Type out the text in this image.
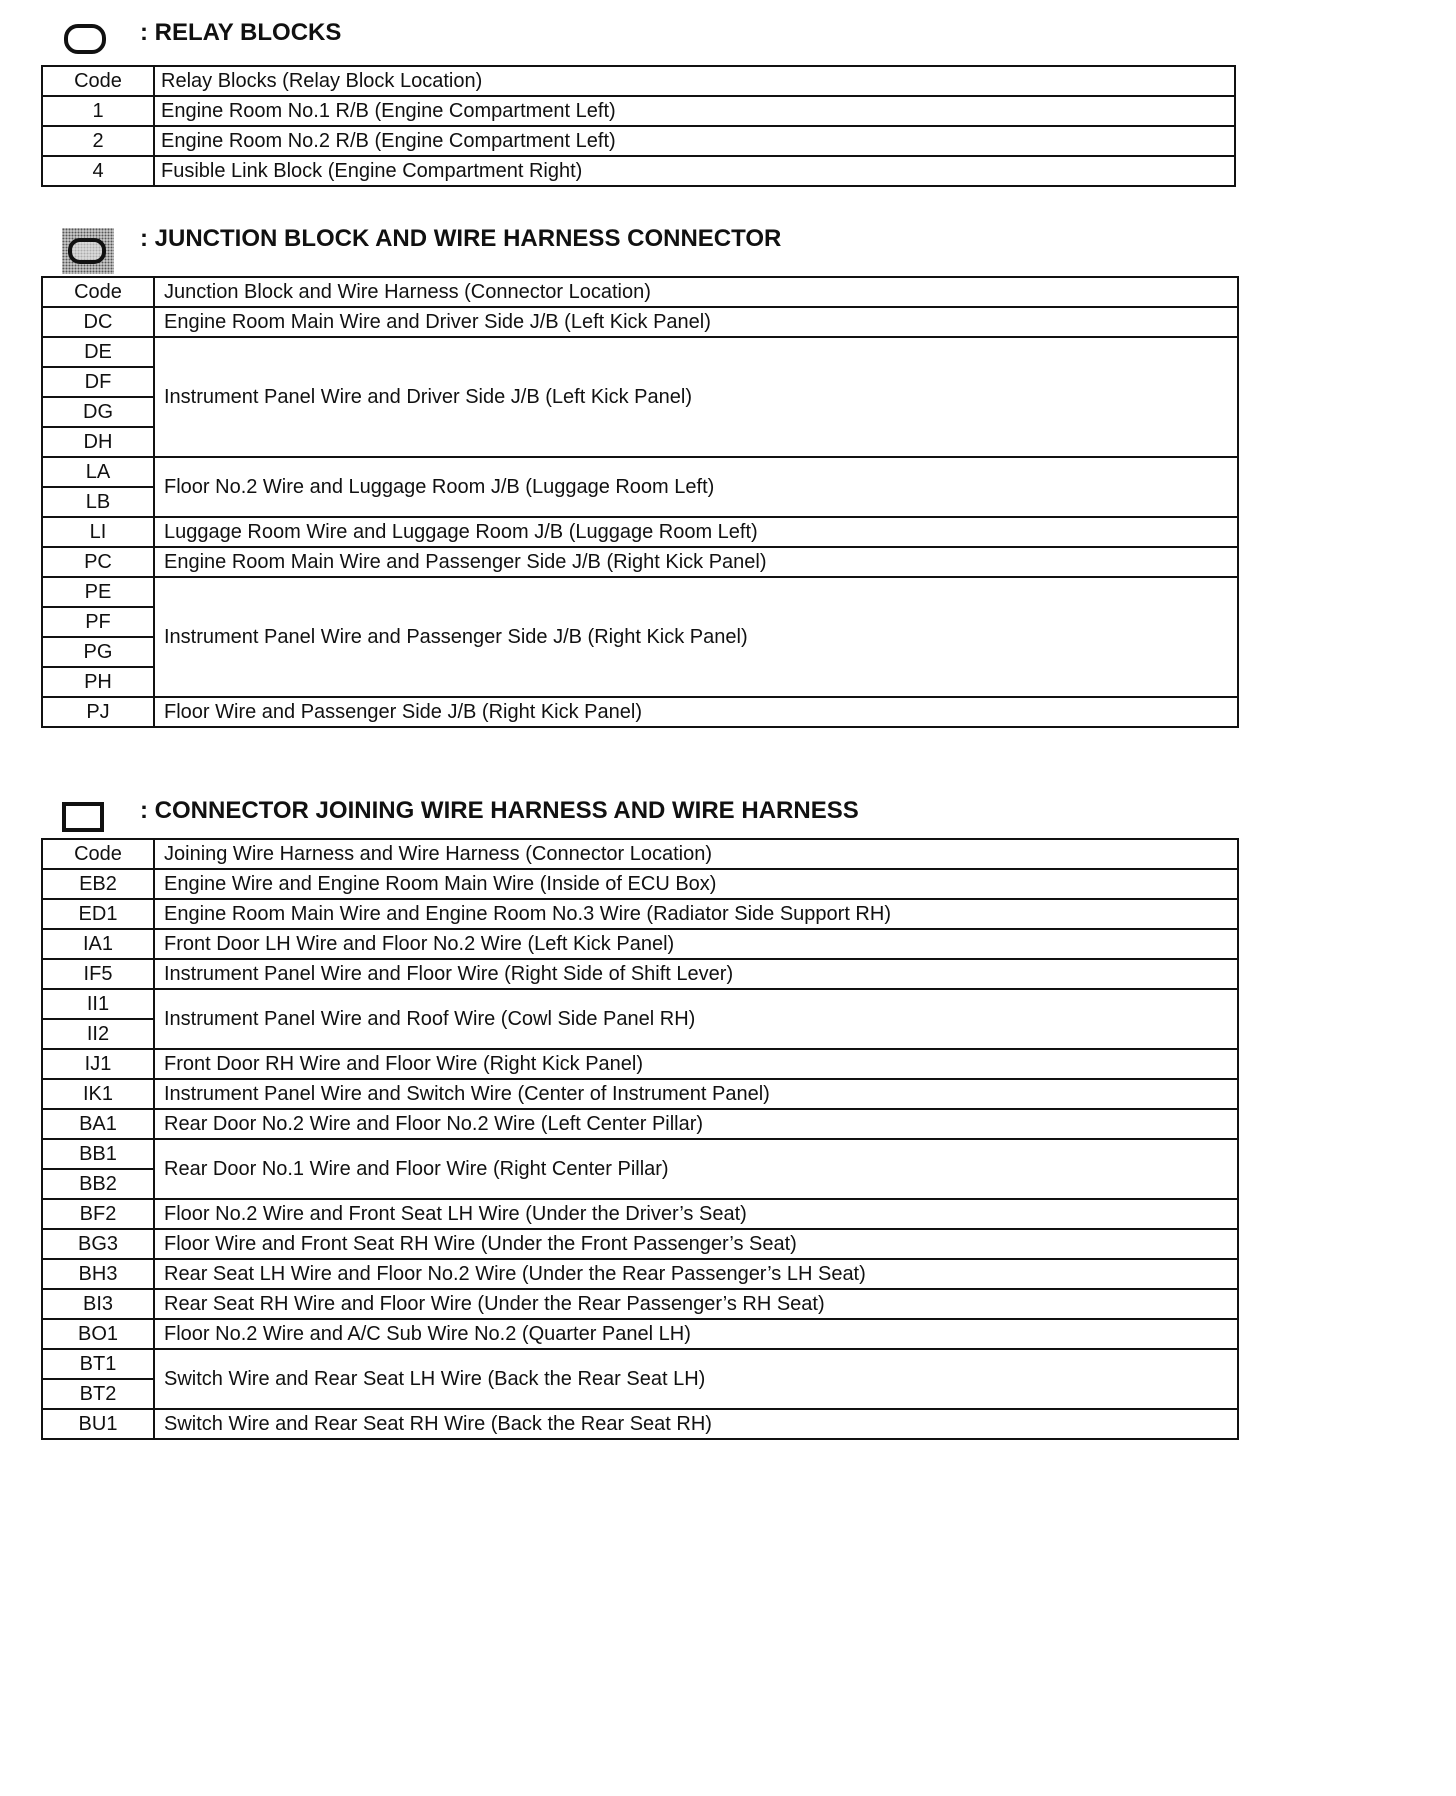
: RELAY BLOCKS
Code	Relay Blocks (Relay Block Location)
1	Engine Room No.1 R/B (Engine Compartment Left)
2	Engine Room No.2 R/B (Engine Compartment Left)
4	Fusible Link Block (Engine Compartment Right)
: JUNCTION BLOCK AND WIRE HARNESS CONNECTOR
Code	Junction Block and Wire Harness (Connector Location)
DC	Engine Room Main Wire and Driver Side J/B (Left Kick Panel)
DE	Instrument Panel Wire and Driver Side J/B (Left Kick Panel)
DF	
DG	
DH	
LA	Floor No.2 Wire and Luggage Room J/B (Luggage Room Left)
LB	
LI	Luggage Room Wire and Luggage Room J/B (Luggage Room Left)
PC	Engine Room Main Wire and Passenger Side J/B (Right Kick Panel)
PE	Instrument Panel Wire and Passenger Side J/B (Right Kick Panel)
PF	
PG	
PH	
PJ	Floor Wire and Passenger Side J/B (Right Kick Panel)
: CONNECTOR JOINING WIRE HARNESS AND WIRE HARNESS
Code	Joining Wire Harness and Wire Harness (Connector Location)
EB2	Engine Wire and Engine Room Main Wire (Inside of ECU Box)
ED1	Engine Room Main Wire and Engine Room No.3 Wire (Radiator Side Support RH)
IA1	Front Door LH Wire and Floor No.2 Wire (Left Kick Panel)
IF5	Instrument Panel Wire and Floor Wire (Right Side of Shift Lever)
II1	Instrument Panel Wire and Roof Wire (Cowl Side Panel RH)
II2	
IJ1	Front Door RH Wire and Floor Wire (Right Kick Panel)
IK1	Instrument Panel Wire and Switch Wire (Center of Instrument Panel)
BA1	Rear Door No.2 Wire and Floor No.2 Wire (Left Center Pillar)
BB1	Rear Door No.1 Wire and Floor Wire (Right Center Pillar)
BB2	
BF2	Floor No.2 Wire and Front Seat LH Wire (Under the Driver’s Seat)
BG3	Floor Wire and Front Seat RH Wire (Under the Front Passenger’s Seat)
BH3	Rear Seat LH Wire and Floor No.2 Wire (Under the Rear Passenger’s LH Seat)
BI3	Rear Seat RH Wire and Floor Wire (Under the Rear Passenger’s RH Seat)
BO1	Floor No.2 Wire and A/C Sub Wire No.2 (Quarter Panel LH)
BT1	Switch Wire and Rear Seat LH Wire (Back the Rear Seat LH)
BT2	
BU1	Switch Wire and Rear Seat RH Wire (Back the Rear Seat RH)
